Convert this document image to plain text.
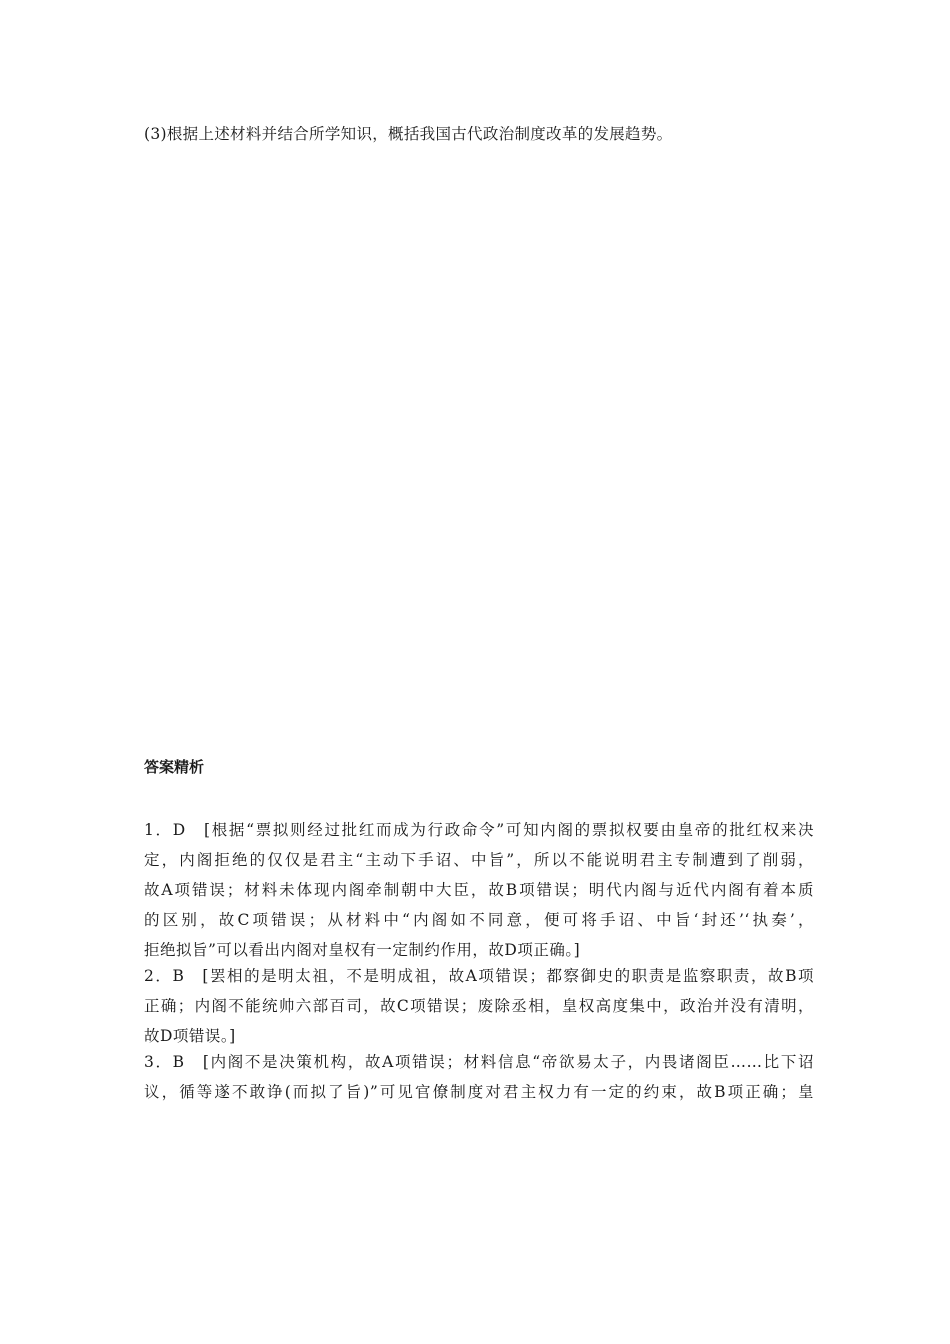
(3)根据上述材料并结合所学知识，概括我国古代政治制度改革的发展趋势。
答案精析
1．D　[根据“票拟则经过批红而成为行政命令”可知内阁的票拟权要由皇帝的批红权来决
定，内阁拒绝的仅仅是君主“主动下手诏、中旨”，所以不能说明君主专制遭到了削弱，
故A项错误；材料未体现内阁牵制朝中大臣，故B项错误；明代内阁与近代内阁有着本质
的区别，故C项错误；从材料中“内阁如不同意，便可将手诏、中旨‘封还’‘执奏’，
拒绝拟旨”可以看出内阁对皇权有一定制约作用，故D项正确。]
2．B　[罢相的是明太祖，不是明成祖，故A项错误；都察御史的职责是监察职责，故B项
正确；内阁不能统帅六部百司，故C项错误；废除丞相，皇权高度集中，政治并没有清明，
故D项错误。]
3．B　[内阁不是决策机构，故A项错误；材料信息“帝欲易太子，内畏诸阁臣……比下诏
议，循等遂不敢诤(而拟了旨)”可见官僚制度对君主权力有一定的约束，故B项正确；皇
